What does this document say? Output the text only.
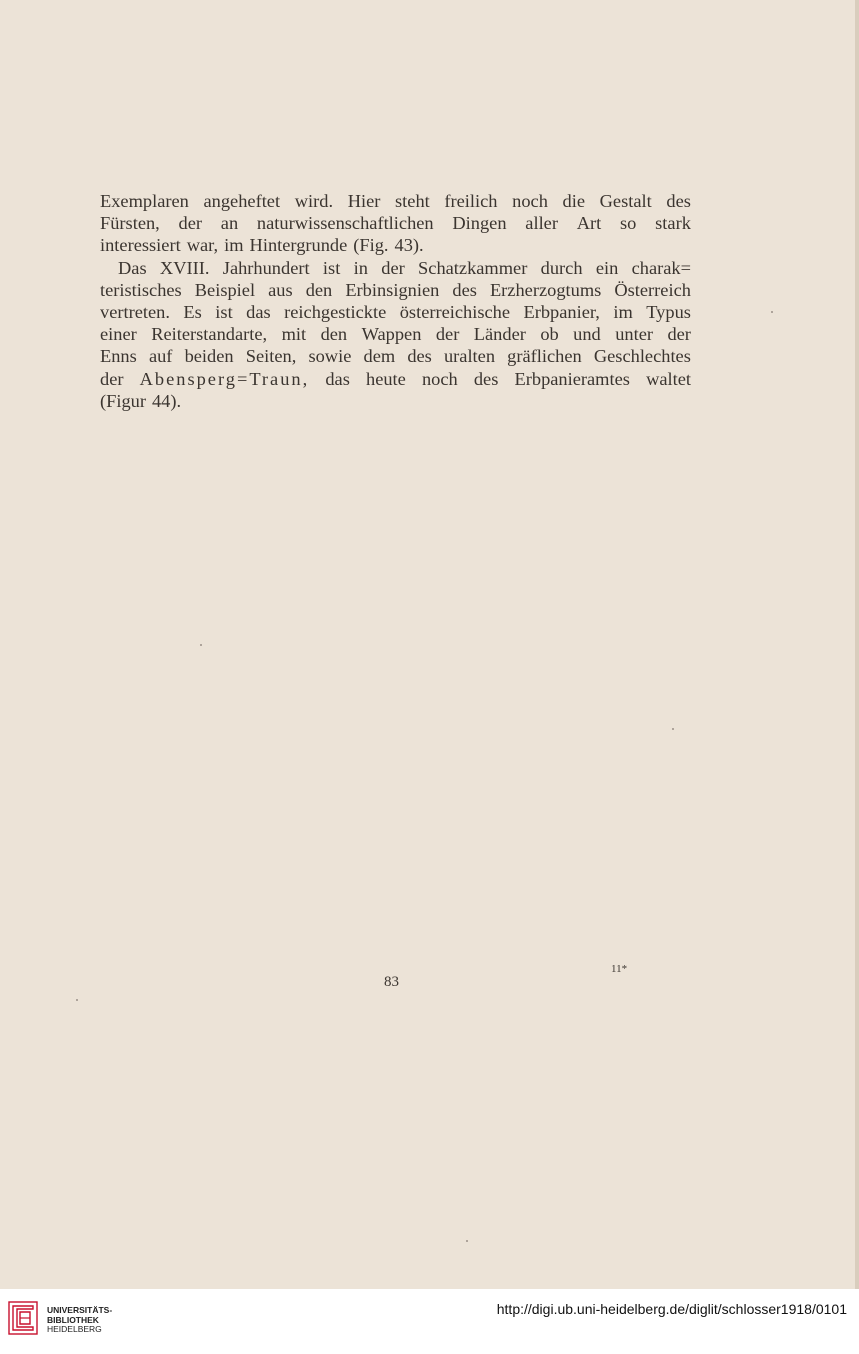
Exemplaren angeheftet wird. Hier steht freilich noch die Gestalt des
Fürsten, der an naturwissenschaftlichen Dingen aller Art so stark
interessiert war, im Hintergrunde (Fig. 43).
Das XVIII. Jahrhundert ist in der Schatzkammer durch ein charak=
teristisches Beispiel aus den Erbinsignien des Erzherzogtums Österreich
vertreten. Es ist das reichgestickte österreichische Erbpanier, im Typus
einer Reiterstandarte, mit den Wappen der Länder ob und unter der
Enns auf beiden Seiten, sowie dem des uralten gräflichen Geschlechtes
der Abensperg=Traun, das heute noch des Erbpanieramtes waltet
(Figur 44).
11*
83
UNIVERSITÄTS-
BIBLIOTHEK
HEIDELBERG
http://digi.ub.uni-heidelberg.de/diglit/schlosser1918/0101
